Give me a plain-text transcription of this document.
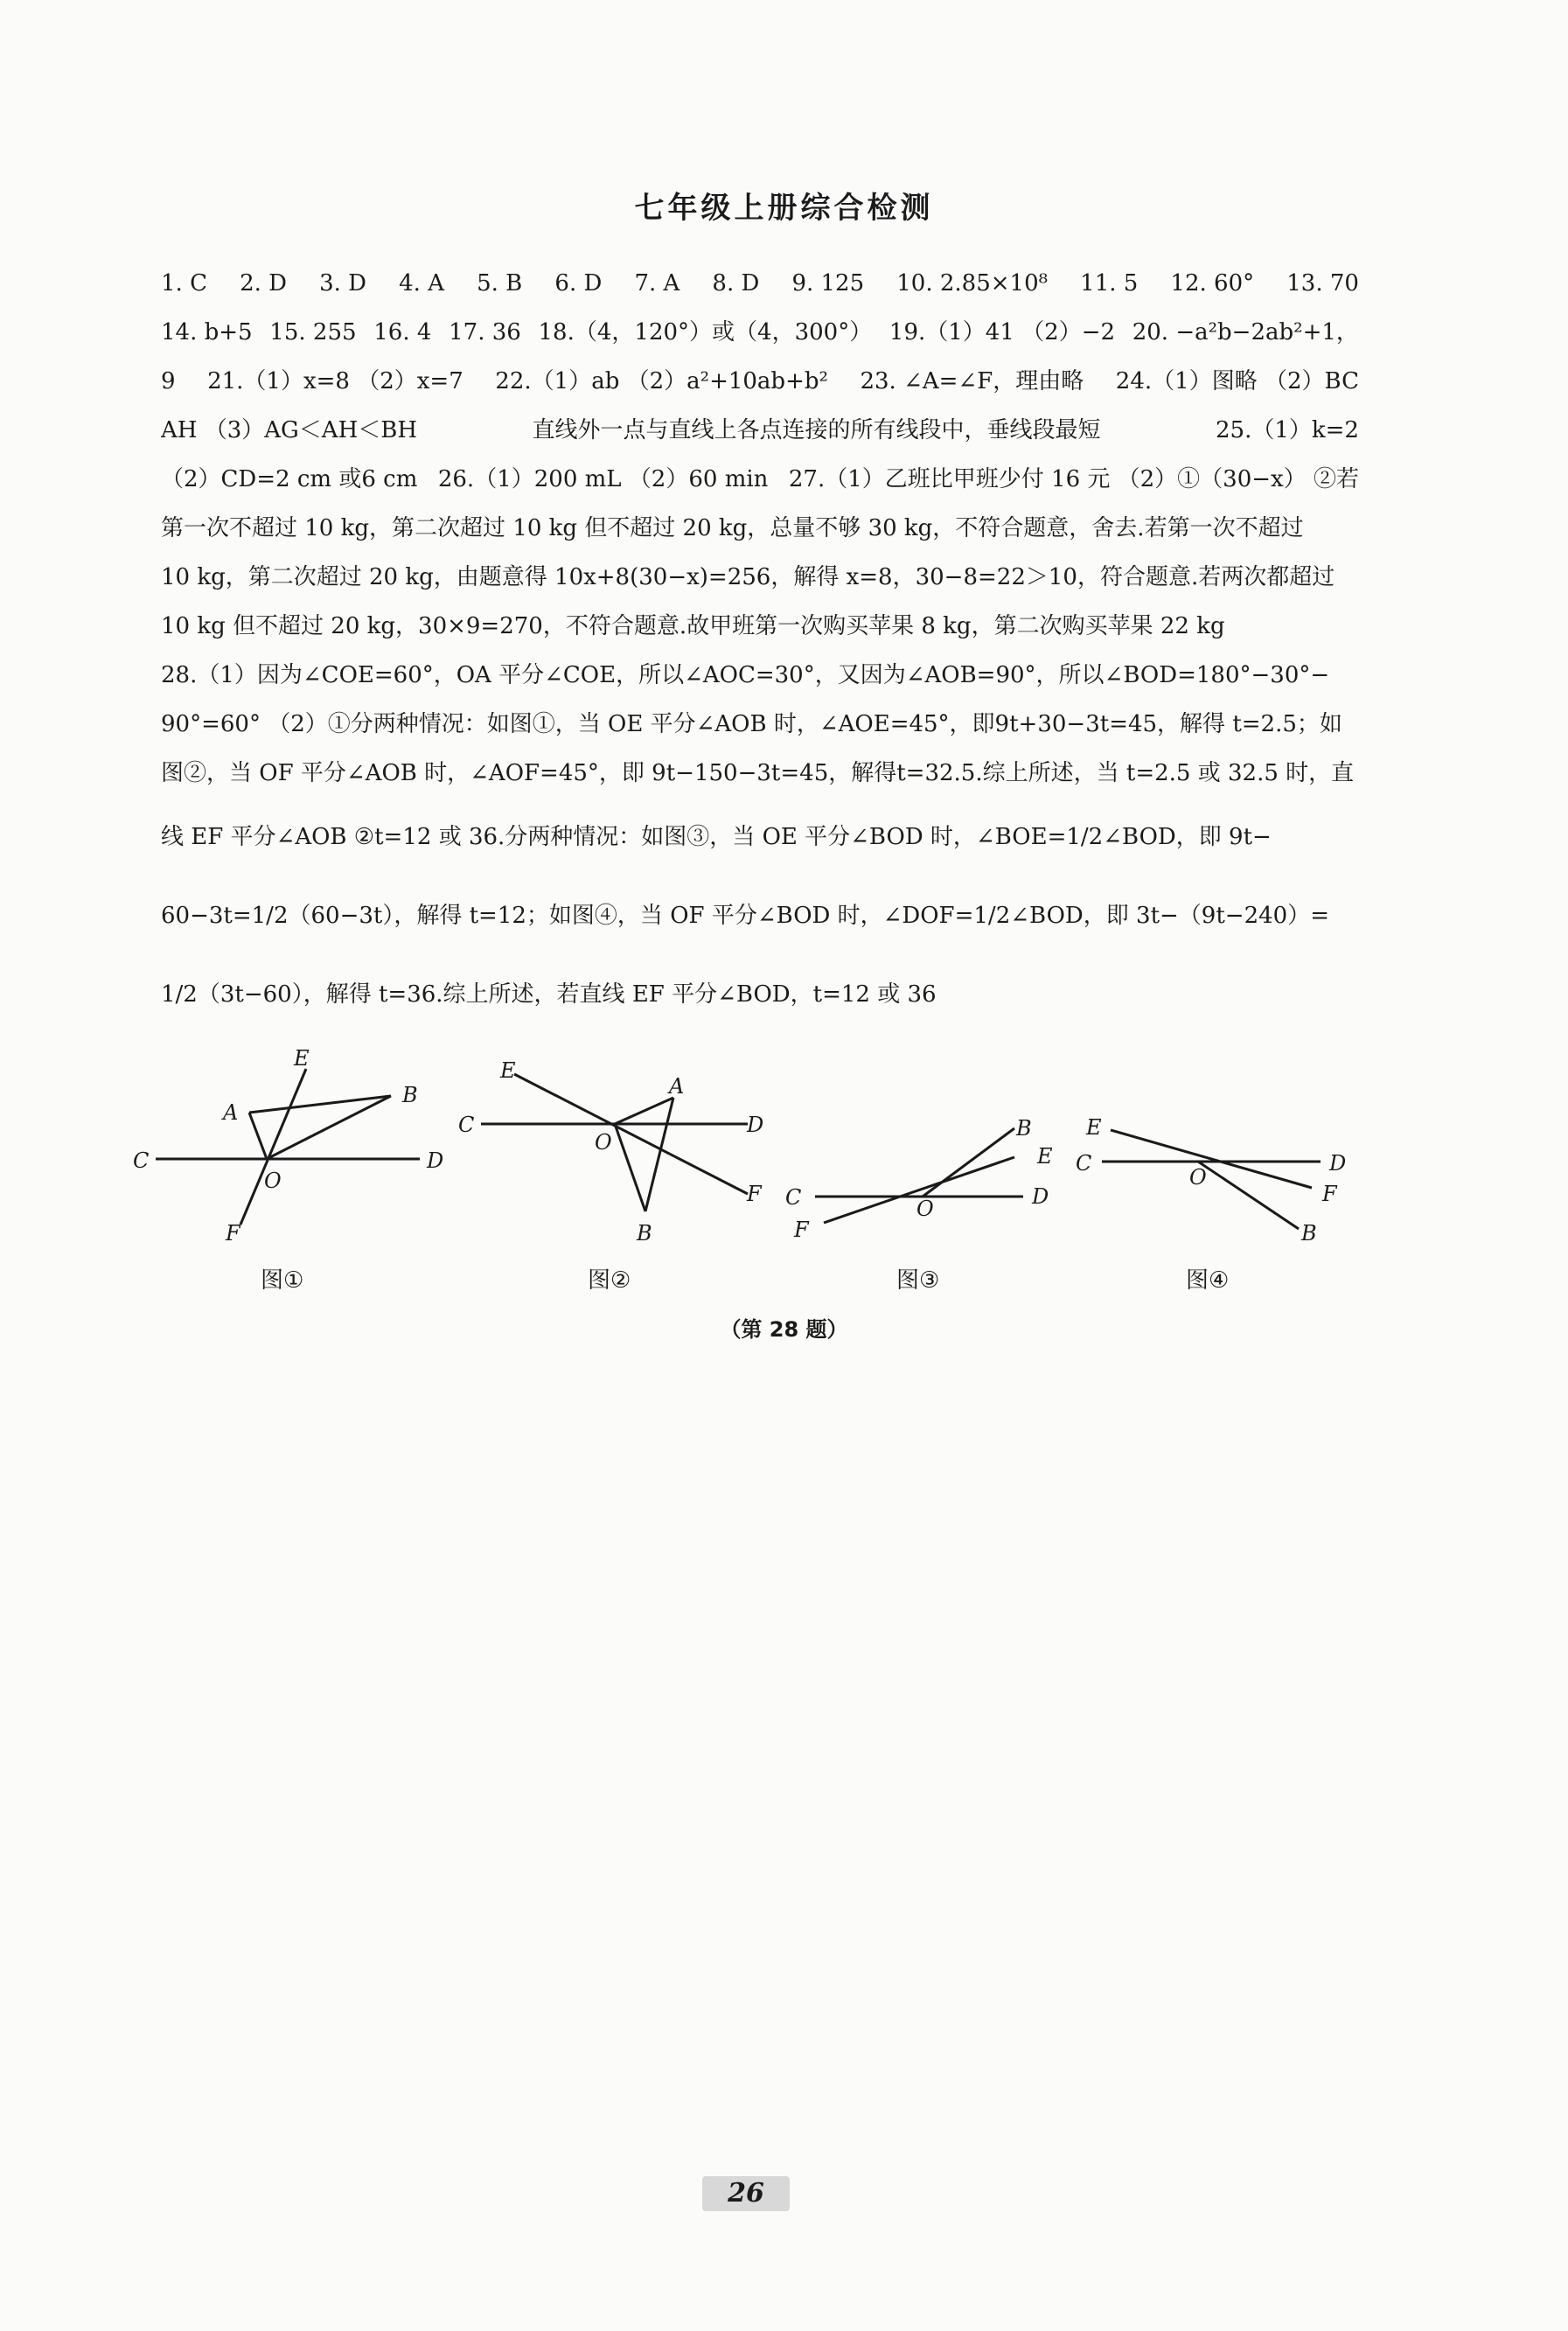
七年级上册综合检测
1. C 2. D 3. D 4. A 5. B 6. D 7. A 8. D 9. 125 10. 2.85×10⁸ 11. 5 12. 60° 13. 70
14. b+5 15. 255 16. 4 17. 36 18.（4，120°）或（4，300°） 19.（1）41 （2）−2 20. −a²b−2ab²+1，
9 21.（1）x=8 （2）x=7 22.（1）ab （2）a²+10ab+b² 23. ∠A=∠F，理由略 24.（1）图略 （2）BC
AH （3）AG＜AH＜BH	直线外一点与直线上各点连接的所有线段中，垂线段最短	25.（1）k=2
（2）CD=2 cm 或6 cm 26.（1）200 mL （2）60 min 27.（1）乙班比甲班少付 16 元 （2）①（30−x） ②若
第一次不超过 10 kg，第二次超过 10 kg 但不超过 20 kg，总量不够 30 kg，不符合题意，舍去.若第一次不超过
10 kg，第二次超过 20 kg，由题意得 10x+8(30−x)=256，解得 x=8，30−8=22＞10，符合题意.若两次都超过
10 kg 但不超过 20 kg，30×9=270，不符合题意.故甲班第一次购买苹果 8 kg，第二次购买苹果 22 kg
28.（1）因为∠COE=60°，OA 平分∠COE，所以∠AOC=30°，又因为∠AOB=90°，所以∠BOD=180°−30°−
90°=60° （2）①分两种情况：如图①，当 OE 平分∠AOB 时，∠AOE=45°，即9t+30−3t=45，解得 t=2.5；如
图②，当 OF 平分∠AOB 时，∠AOF=45°，即 9t−150−3t=45，解得t=32.5.综上所述，当 t=2.5 或 32.5 时，直
线 EF 平分∠AOB ②t=12 或 36.分两种情况：如图③，当 OE 平分∠BOD 时，∠BOE=1/2∠BOD，即 9t−
60−3t=1/2（60−3t），解得 t=12；如图④，当 OF 平分∠BOD 时，∠DOF=1/2∠BOD，即 3t−（9t−240）=
1/2（3t−60），解得 t=36.综上所述，若直线 EF 平分∠BOD，t=12 或 36
E
A
B
C
O
D
F
图①
E
A
C
O
D
F
B
图②
B
E
C	O	D
F
图③
E
C
O
D
F
B
图④
（第 28 题）
26
